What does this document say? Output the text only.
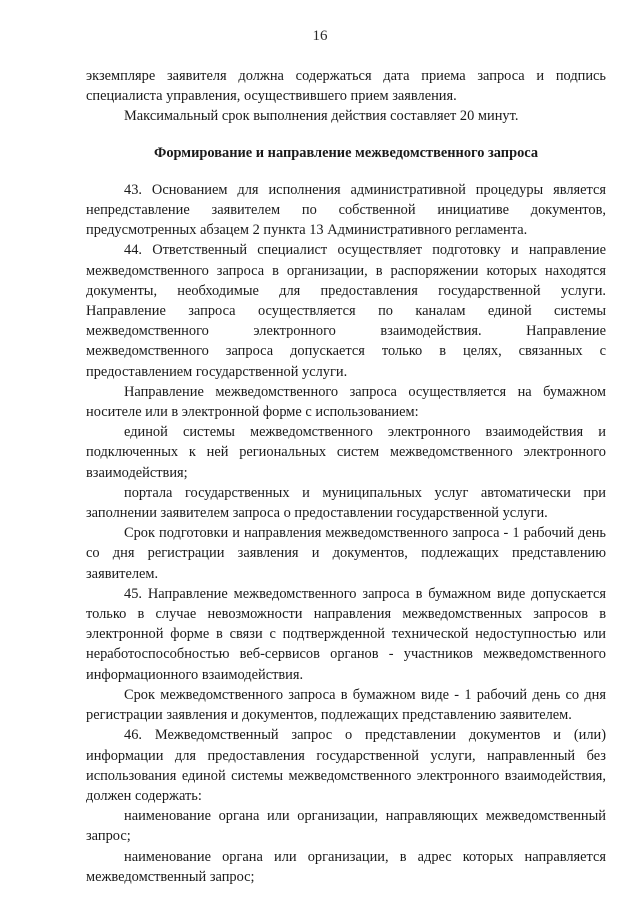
16

экземпляре заявителя должна содержаться дата приема запроса и подпись специалиста управления, осуществившего прием заявления.

Максимальный срок выполнения действия составляет 20 минут.

Формирование и направление межведомственного запроса

43. Основанием для исполнения административной процедуры является непредставление заявителем по собственной инициативе документов, предусмотренных абзацем 2 пункта 13 Административного регламента.

44. Ответственный специалист осуществляет подготовку и направление межведомственного запроса в организации, в распоряжении которых находятся документы, необходимые для предоставления государственной услуги. Направление запроса осуществляется по каналам единой системы межведомственного электронного взаимодействия. Направление межведомственного запроса допускается только в целях, связанных с предоставлением государственной услуги.

Направление межведомственного запроса осуществляется на бумажном носителе или в электронной форме с использованием:

единой системы межведомственного электронного взаимодействия и подключенных к ней региональных систем межведомственного электронного взаимодействия;

портала государственных и муниципальных услуг автоматически при заполнении заявителем запроса о предоставлении государственной услуги.

Срок подготовки и направления межведомственного запроса - 1 рабочий день со дня регистрации заявления и документов, подлежащих представлению заявителем.

45. Направление межведомственного запроса в бумажном виде допускается только в случае невозможности направления межведомственных запросов в электронной форме в связи с подтвержденной технической недоступностью или неработоспособностью веб-сервисов органов - участников межведомственного информационного взаимодействия.

Срок межведомственного запроса в бумажном виде - 1 рабочий день со дня регистрации заявления и документов, подлежащих представлению заявителем.

46. Межведомственный запрос о представлении документов и (или) информации для предоставления государственной услуги, направленный без использования единой системы межведомственного электронного взаимодействия, должен содержать:

наименование органа или организации, направляющих межведомственный запрос;

наименование органа или организации, в адрес которых направляется межведомственный запрос;
